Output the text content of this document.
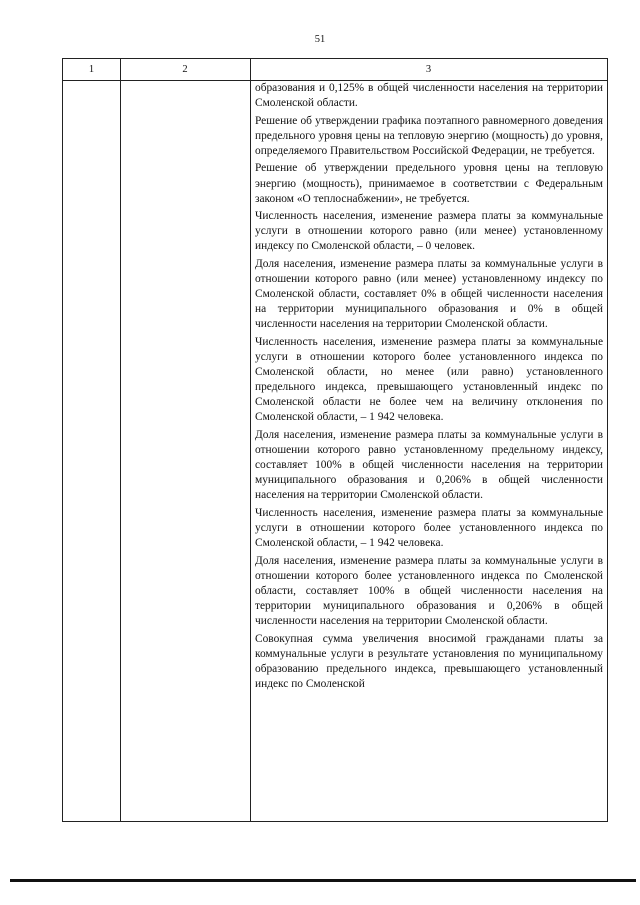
51
1	2	3

образования и 0,125% в общей численности населения на территории Смоленской области.

Решение об утверждении графика поэтапного равномерного доведения предельного уровня цены на тепловую энергию (мощность) до уровня, определяемого Правительством Российской Федерации, не требуется.

Решение об утверждении предельного уровня цены на тепловую энергию (мощность), принимаемое в соответствии с Федеральным законом «О теплоснабжении», не требуется.

Численность населения, изменение размера платы за коммунальные услуги в отношении которого равно (или менее) установленному индексу по Смоленской области, – 0 человек.

Доля населения, изменение размера платы за коммунальные услуги в отношении которого равно (или менее) установленному индексу по Смоленской области, составляет 0% в общей численности населения на территории муниципального образования и 0% в общей численности населения на территории Смоленской области.

Численность населения, изменение размера платы за коммунальные услуги в отношении которого более установленного индекса по Смоленской области, но менее (или равно) установленного предельного индекса, превышающего установленный индекс по Смоленской области не более чем на величину отклонения по Смоленской области, – 1 942 человека.

Доля населения, изменение размера платы за коммунальные услуги в отношении которого равно установленному предельному индексу, составляет 100% в общей численности населения на территории муниципального образования и 0,206% в общей численности населения на территории Смоленской области.

Численность населения, изменение размера платы за коммунальные услуги в отношении которого более установленного индекса по Смоленской области, – 1 942 человека.

Доля населения, изменение размера платы за коммунальные услуги в отношении которого более установленного индекса по Смоленской области, составляет 100% в общей численности населения на территории муниципального образования и 0,206% в общей численности населения на территории Смоленской области.

Совокупная сумма увеличения вносимой гражданами платы за коммунальные услуги в результате установления по муниципальному образованию предельного индекса, превышающего установленный индекс по Смоленской
